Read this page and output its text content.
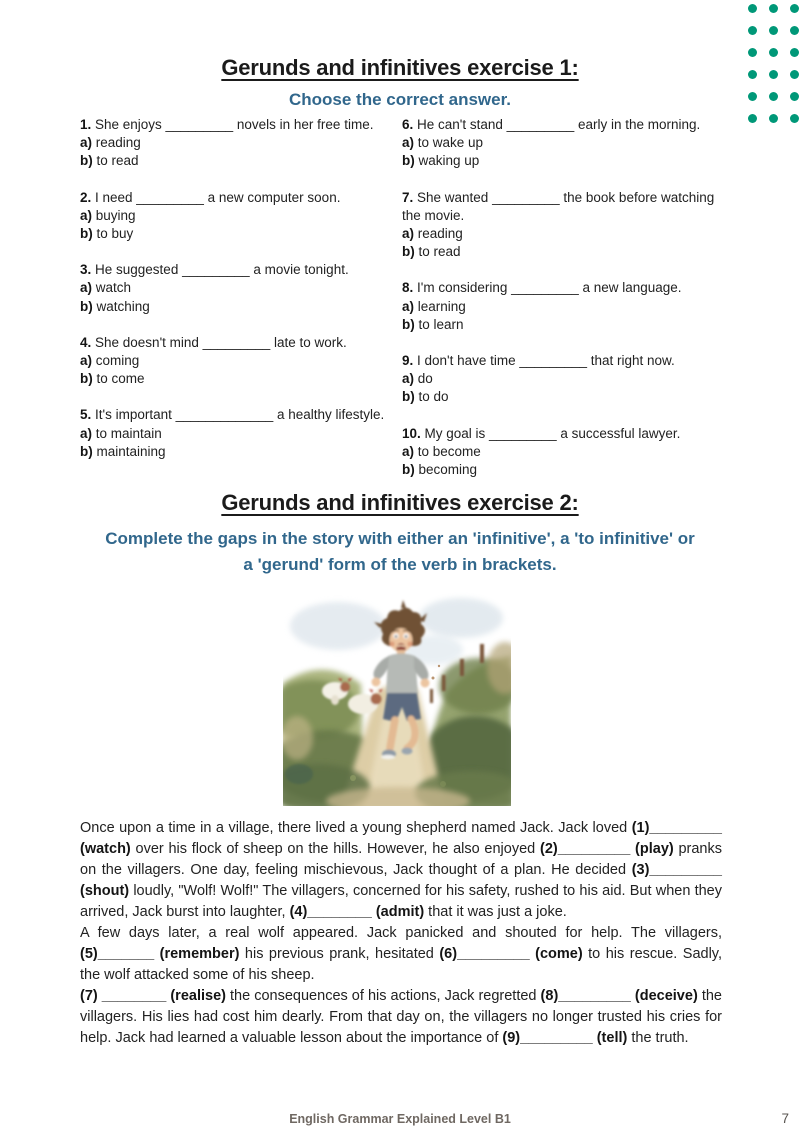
Gerunds and infinitives exercise 1:
Choose the correct answer.

1. She enjoys _________ novels in her free time.

a) reading

b) to read

2. I need _________ a new computer soon.

a) buying

b) to buy

3. He suggested _________ a movie tonight.

a) watch

b) watching

4. She doesn't mind _________ late to work.

a) coming

b) to come

5. It's important _____________ a healthy lifestyle.

a) to maintain

b) maintaining

6. He can't stand _________ early in the morning.

a) to wake up

b) waking up

7. She wanted _________ the book before watching the movie.

a) reading

b) to read

8. I'm considering _________ a new language.

a) learning

b) to learn

9. I don't have time _________ that right now.

a) do

b) to do

10. My goal is _________ a successful lawyer.

a) to become

b) becoming

Gerunds and infinitives exercise 2:
Complete the gaps in the story with either an 'infinitive', a 'to infinitive' or a 'gerund' form of the verb in brackets.

Once upon a time in a village, there lived a young shepherd named Jack. Jack loved (1)_________ (watch) over his flock of sheep on the hills. However, he also enjoyed (2)_________ (play) pranks on the villagers. One day, feeling mischievous, Jack thought of a plan. He decided (3)_________ (shout) loudly, "Wolf! Wolf!" The villagers, concerned for his safety, rushed to his aid. But when they arrived, Jack burst into laughter, (4)________ (admit) that it was just a joke.

A few days later, a real wolf appeared. Jack panicked and shouted for help. The villagers, (5)_______ (remember) his previous prank, hesitated (6)_________ (come) to his rescue. Sadly, the wolf attacked some of his sheep.

(7) ________ (realise) the consequences of his actions, Jack regretted (8)_________ (deceive) the villagers. His lies had cost him dearly. From that day on, the villagers no longer trusted his cries for help. Jack had learned a valuable lesson about the importance of (9)_________ (tell) the truth.

English Grammar Explained Level B1	7
